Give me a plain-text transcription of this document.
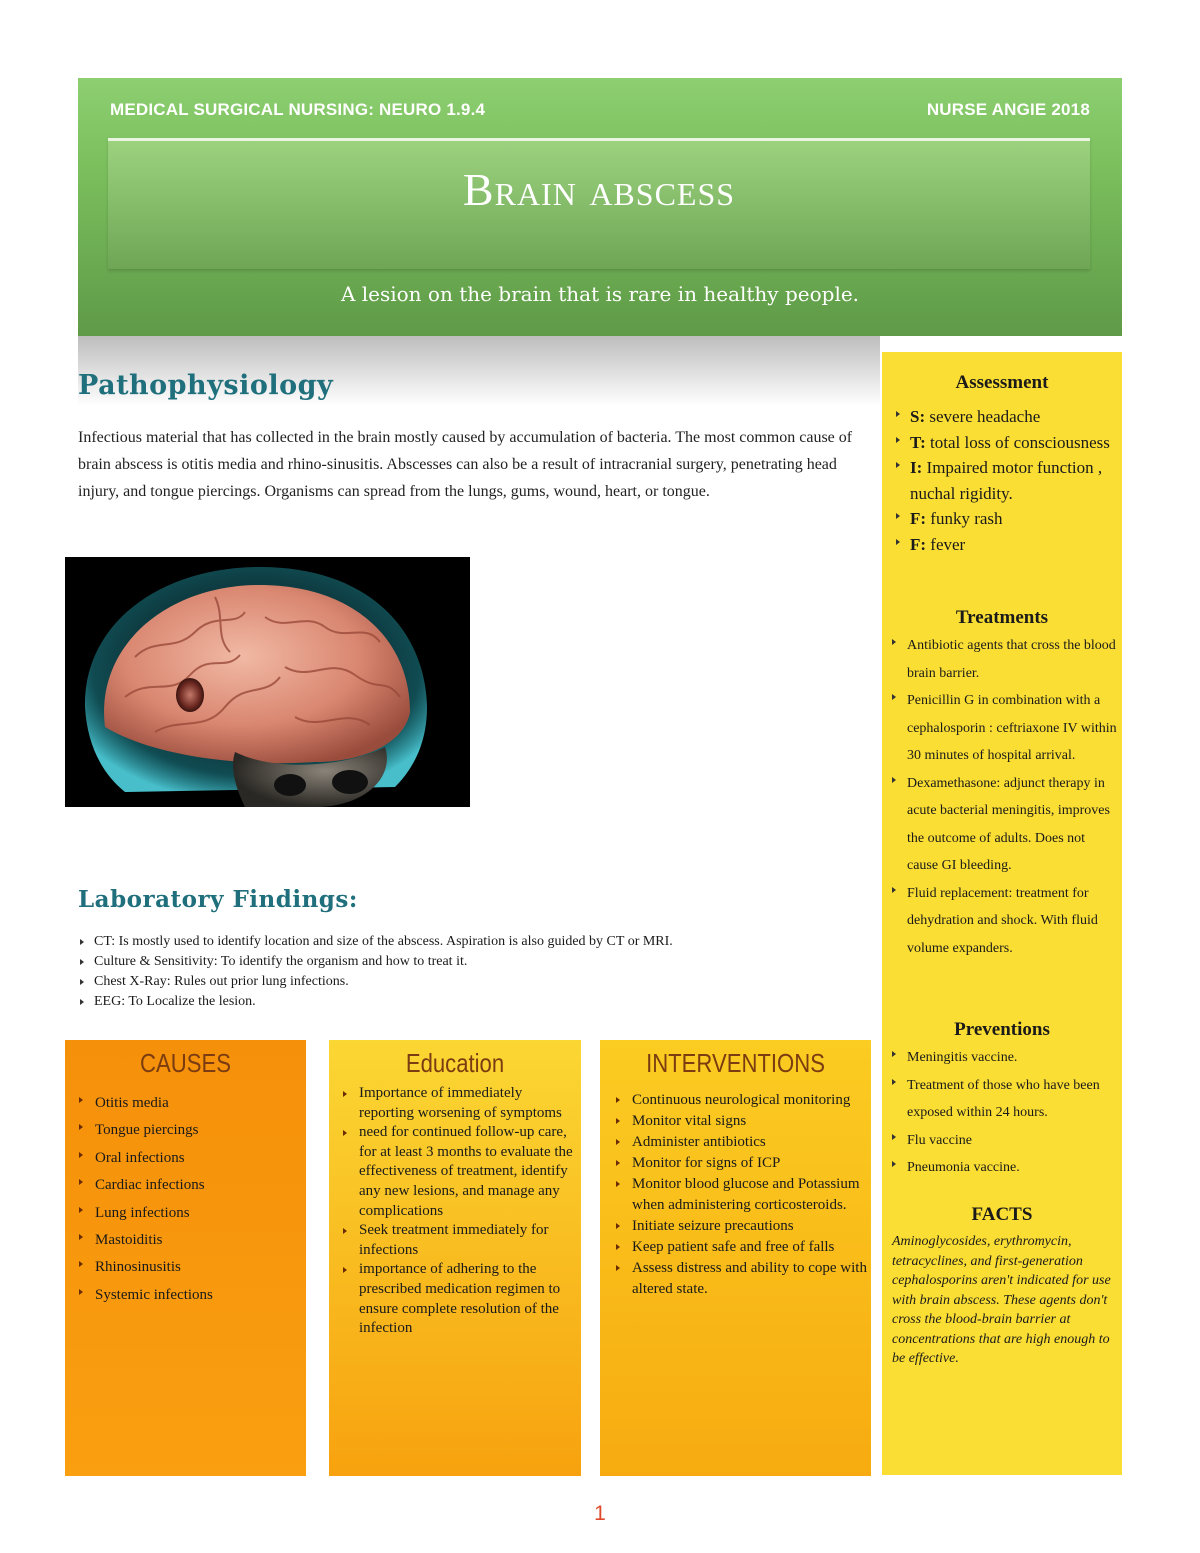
MEDICAL SURGICAL NURSING: NEURO 1.9.4	NURSE ANGIE 2018
Brain abscess
A lesion on the brain that is rare in healthy people.
Pathophysiology
Infectious material that has collected in the brain mostly caused by accumulation of bacteria. The most common cause of brain abscess is otitis media and rhino-sinusitis. Abscesses can also be a result of intracranial surgery, penetrating head injury, and tongue piercings. Organisms can spread from the lungs, gums, wound, heart, or tongue.
Laboratory Findings:
CT: Is mostly used to identify location and size of the abscess. Aspiration is also guided by CT or MRI.
Culture & Sensitivity: To identify the organism and how to treat it.
Chest X-Ray: Rules out prior lung infections.
EEG: To Localize the lesion.
CAUSES
Otitis media
Tongue piercings
Oral infections
Cardiac infections
Lung infections
Mastoiditis
Rhinosinusitis
Systemic infections
Education
Importance of immediately reporting worsening of symptoms
need for continued follow-up care, for at least 3 months to evaluate the effectiveness of treatment, identify any new lesions, and manage any complications
Seek treatment immediately for infections
importance of adhering to the prescribed medication regimen to ensure complete resolution of the infection
INTERVENTIONS
Continuous neurological monitoring
Monitor vital signs
Administer antibiotics
Monitor for signs of ICP
Monitor blood glucose and Potassium when administering corticosteroids.
Initiate seizure precautions
Keep patient safe and free of falls
Assess distress and ability to cope with altered state.
Assessment
S: severe headache
T: total loss of consciousness
I: Impaired motor function , nuchal rigidity.
F: funky rash
F: fever
Treatments
Antibiotic agents that cross the blood brain barrier.
Penicillin G in combination with a cephalosporin : ceftriaxone IV within 30 minutes of hospital arrival.
Dexamethasone: adjunct therapy in acute bacterial meningitis, improves the outcome of adults. Does not cause GI bleeding.
Fluid replacement: treatment for dehydration and shock. With fluid volume expanders.
Preventions
Meningitis vaccine.
Treatment of those who have been exposed within 24 hours.
Flu vaccine
Pneumonia vaccine.
FACTS
Aminoglycosides, erythromycin, tetracyclines, and first-generation cephalosporins aren't indicated for use with brain abscess. These agents don't cross the blood-brain barrier at concentrations that are high enough to be effective.
1
